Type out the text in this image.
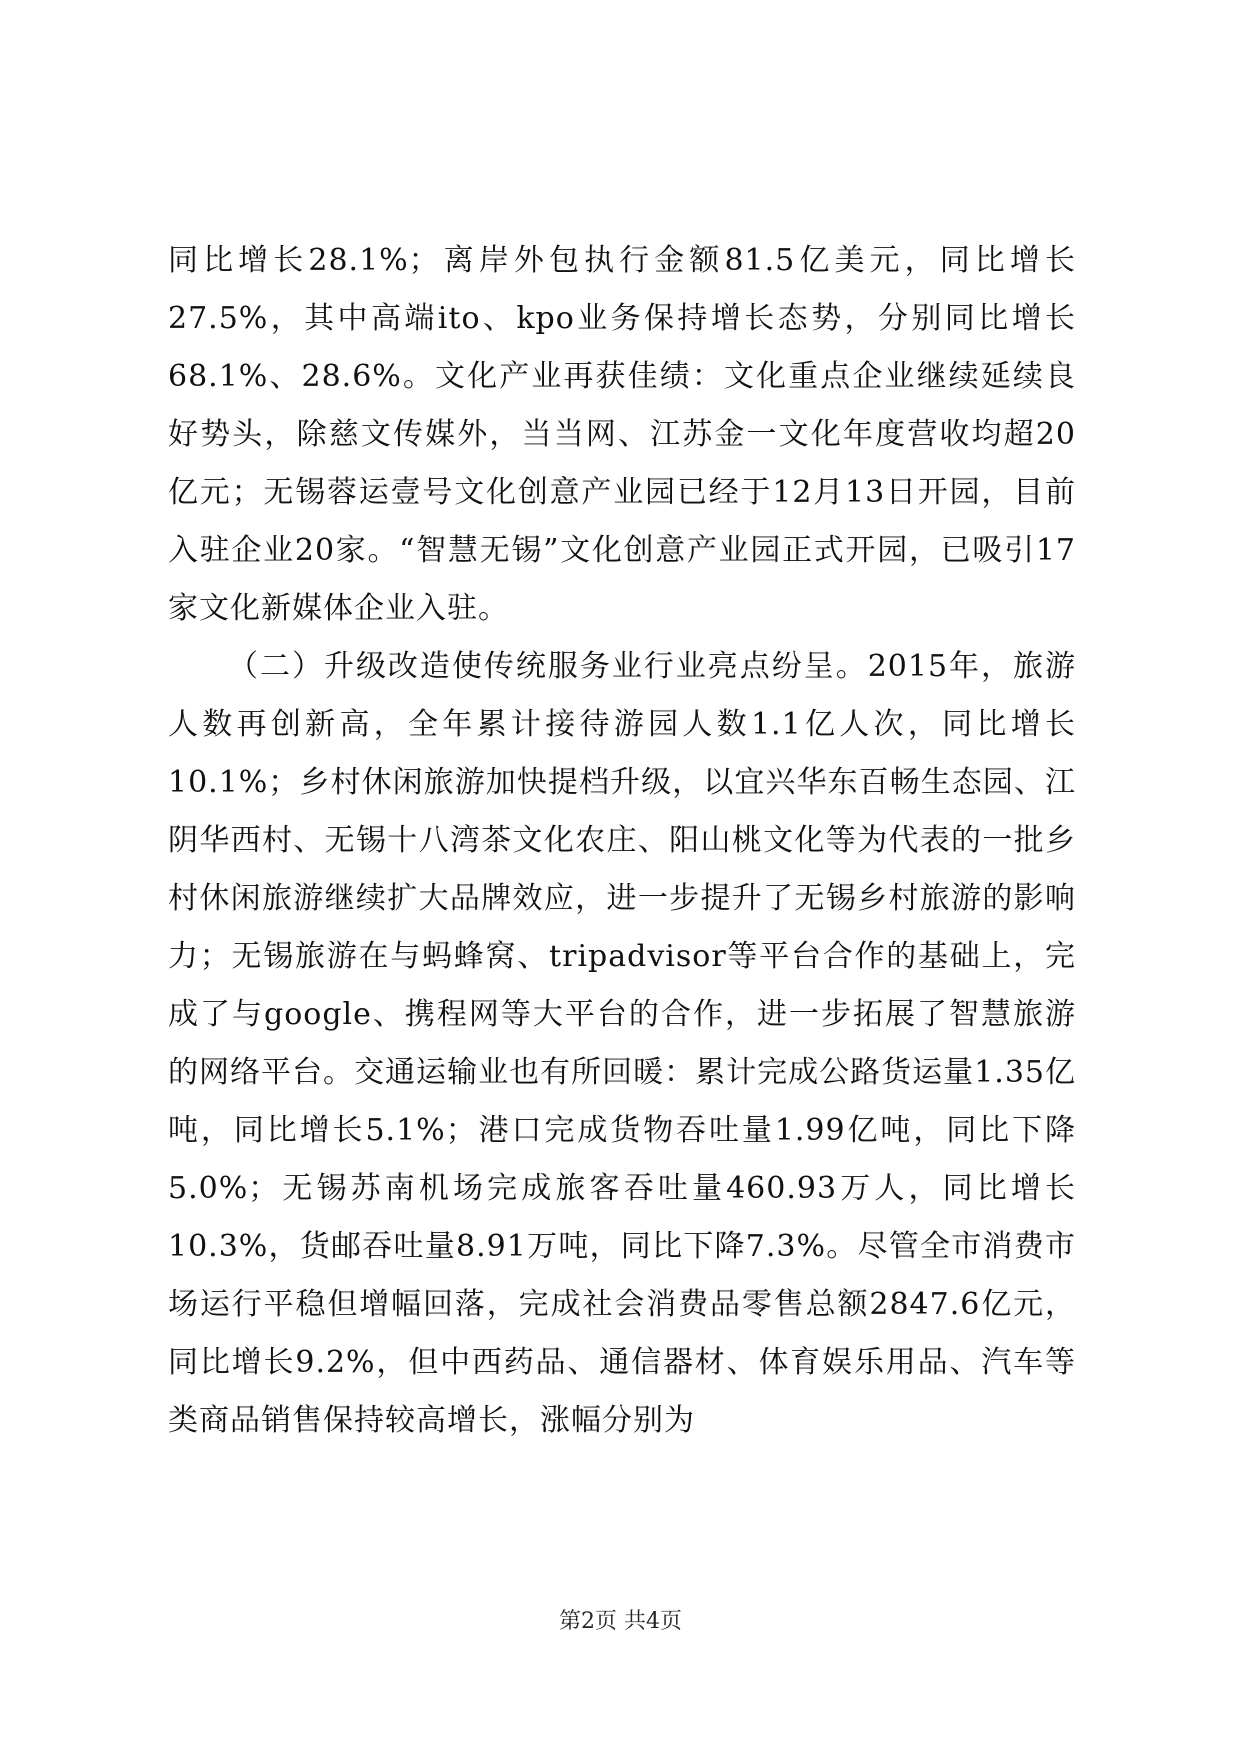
同比增长28.1%；离岸外包执行金额81.5亿美元，同比增长27.5%，其中高端ito、kpo业务保持增长态势，分别同比增长68.1%、28.6%。文化产业再获佳绩：文化重点企业继续延续良好势头，除慈文传媒外，当当网、江苏金一文化年度营收均超20亿元；无锡蓉运壹号文化创意产业园已经于12月13日开园，目前入驻企业20家。“智慧无锡”文化创意产业园正式开园，已吸引17家文化新媒体企业入驻。

（二）升级改造使传统服务业行业亮点纷呈。2015年，旅游人数再创新高，全年累计接待游园人数1.1亿人次，同比增长10.1%；乡村休闲旅游加快提档升级，以宜兴华东百畅生态园、江阴华西村、无锡十八湾茶文化农庄、阳山桃文化等为代表的一批乡村休闲旅游继续扩大品牌效应，进一步提升了无锡乡村旅游的影响力；无锡旅游在与蚂蜂窝、tripadvisor等平台合作的基础上，完成了与google、携程网等大平台的合作，进一步拓展了智慧旅游的网络平台。交通运输业也有所回暖：累计完成公路货运量1.35亿吨，同比增长5.1%；港口完成货物吞吐量1.99亿吨，同比下降5.0%；无锡苏南机场完成旅客吞吐量460.93万人，同比增长10.3%，货邮吞吐量8.91万吨，同比下降7.3%。尽管全市消费市场运行平稳但增幅回落，完成社会消费品零售总额2847.6亿元，同比增长9.2%，但中西药品、通信器材、体育娱乐用品、汽车等类商品销售保持较高增长，涨幅分别为

第2页 共4页
